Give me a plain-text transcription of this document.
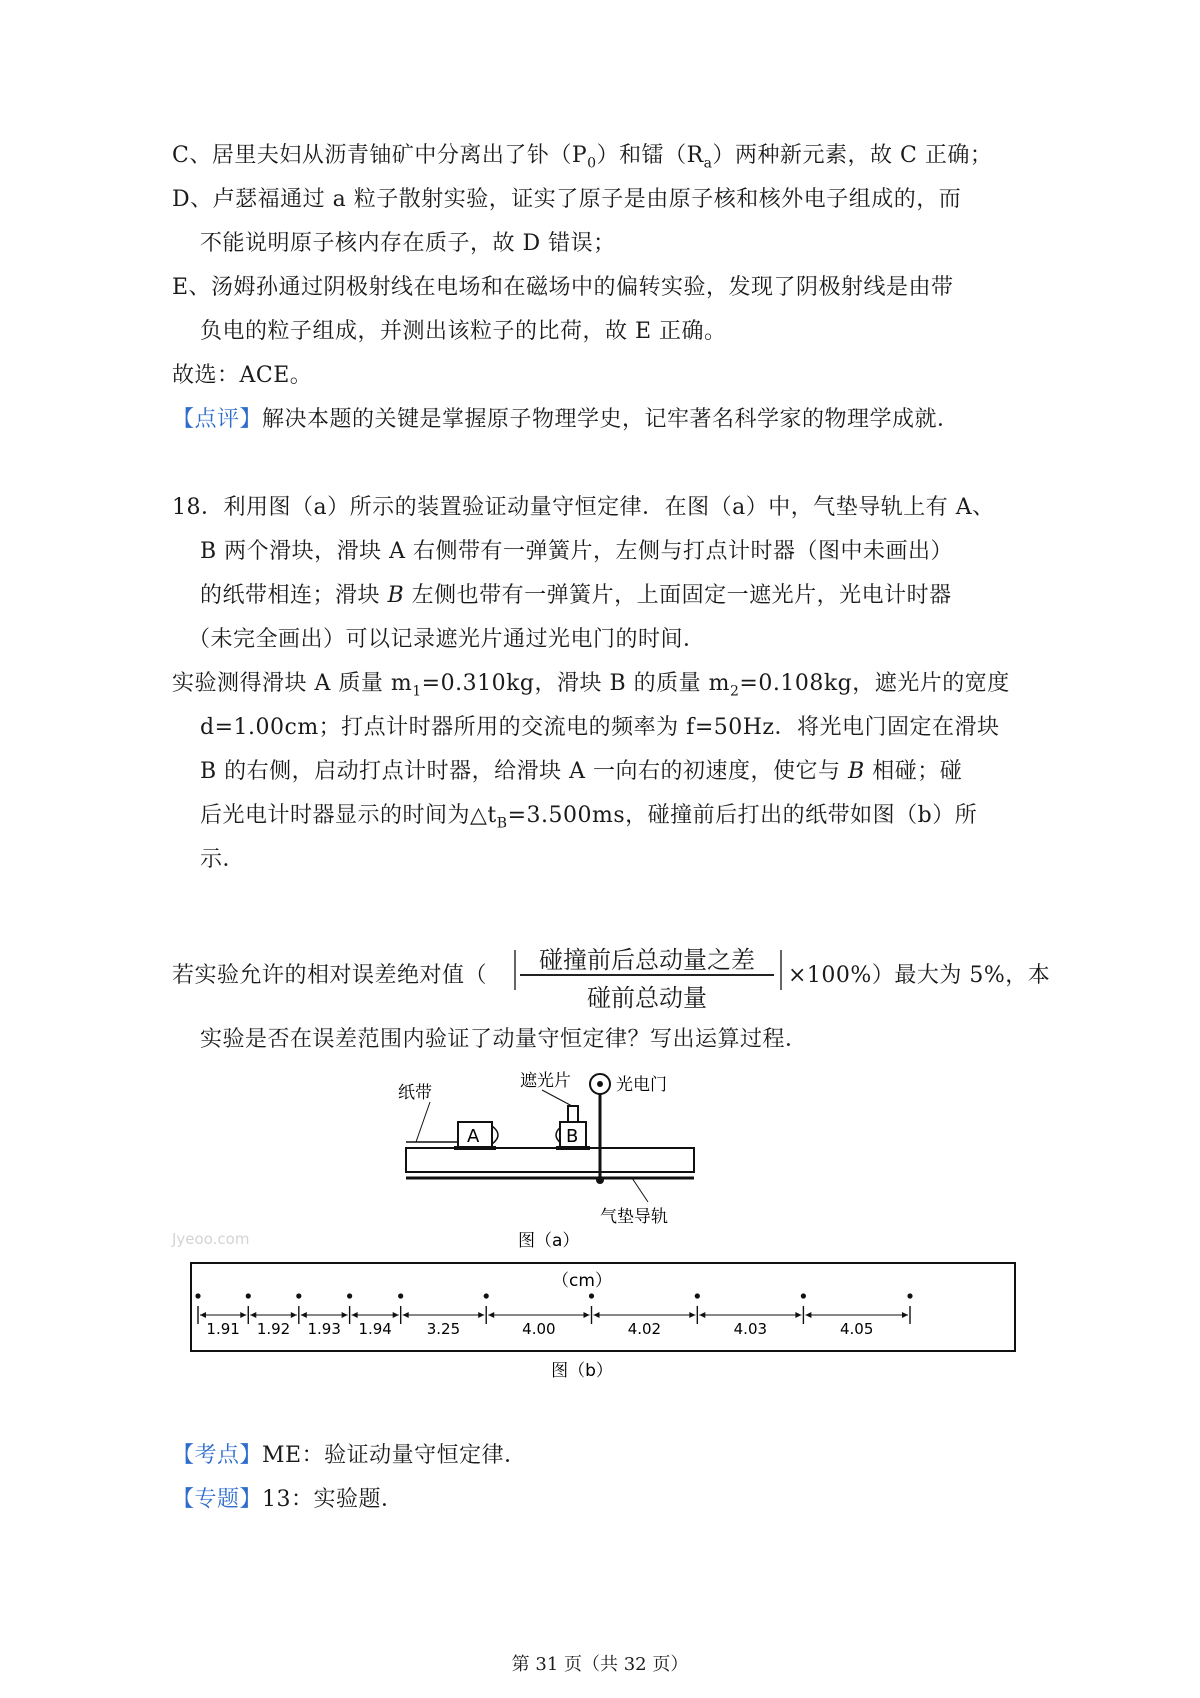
C、居里夫妇从沥青铀矿中分离出了钋$(P_0)$和镭$(R_a)$两种新元素，故 C 正确；
D、卢瑟福通过 a 粒子散射实验，证实了原子是由原子核和核外电子组成的，而
不能说明原子核内存在质子，故 D 错误；
E、汤姆孙通过阴极射线在电场和在磁场中的偏转实验，发现了阴极射线是由带
负电的粒子组成，并测出该粒子的比荷，故 E 正确。
故选：ACE。
【点评】解决本题的关键是掌握原子物理学史，记牢著名科学家的物理学成就．
18．利用图（a）所示的装置验证动量守恒定律．在图（a）中，气垫导轨上有 A、
B 两个滑块，滑块 A 右侧带有一弹簧片，左侧与打点计时器（图中未画出）
的纸带相连；滑块 B 左侧也带有一弹簧片，上面固定一遮光片，光电计时器
（未完全画出）可以记录遮光片通过光电门的时间．
实验测得滑块 A 质量 $m_1=0.310kg$，滑块 B 的质量 $m_2=0.108kg$，遮光片的宽度
d=1.00cm；打点计时器所用的交流电的频率为 f=50Hz．将光电门固定在滑块
B 的右侧，启动打点计时器，给滑块 A 一向右的初速度，使它与 B 相碰；碰
后光电计时器显示的时间为$\triangle t_B=3.500ms$，碰撞前后打出的纸带如图（b）所
示．
若实验允许的相对误差绝对值（
碰撞前后总动量之差
碰前总动量
×100%）最大为 5%，本
实验是否在误差范围内验证了动量守恒定律？写出运算过程．
A	B
纸带
遮光片	光电门
气垫导轨
图（a）
Jyeoo.com
（cm）
1.91 1.92 1.93 1.94 3.25	4.00	4.02	4.03	4.05
图（b）
【考点】ME：验证动量守恒定律．
【专题】13：实验题．
第 31 页（共 32 页）
